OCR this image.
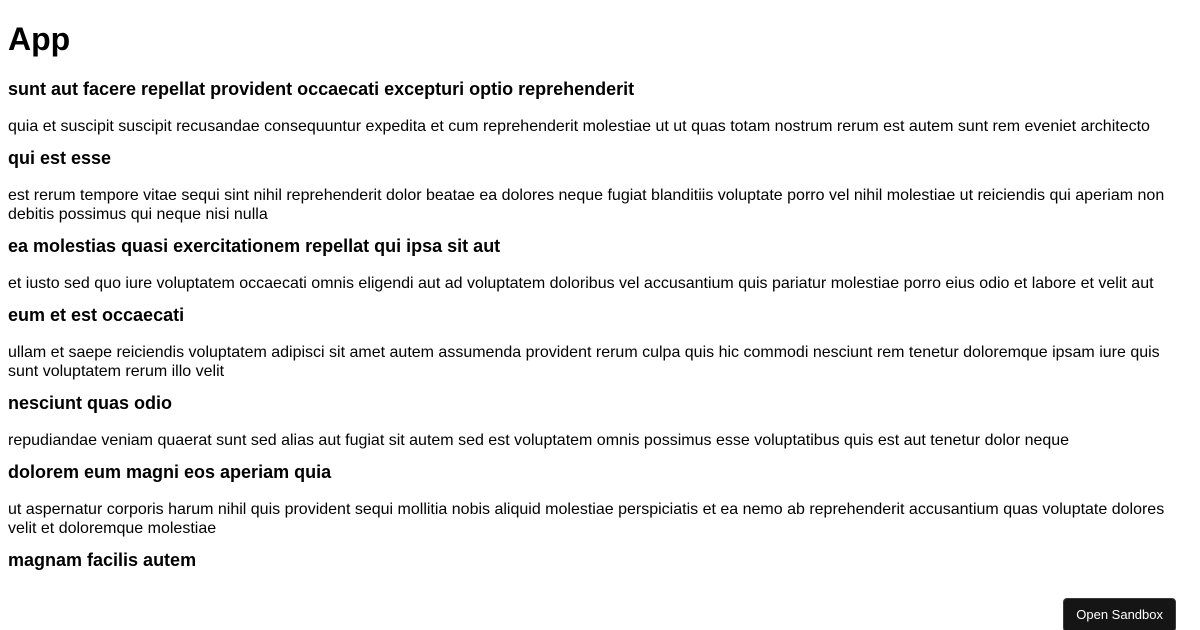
App
sunt aut facere repellat provident occaecati excepturi optio reprehenderit

quia et suscipit suscipit recusandae consequuntur expedita et cum reprehenderit molestiae ut ut quas totam nostrum rerum est autem sunt rem eveniet architecto

qui est esse

est rerum tempore vitae sequi sint nihil reprehenderit dolor beatae ea dolores neque fugiat blanditiis voluptate porro vel nihil molestiae ut reiciendis qui aperiam non debitis possimus qui neque nisi nulla

ea molestias quasi exercitationem repellat qui ipsa sit aut

et iusto sed quo iure voluptatem occaecati omnis eligendi aut ad voluptatem doloribus vel accusantium quis pariatur molestiae porro eius odio et labore et velit aut

eum et est occaecati

ullam et saepe reiciendis voluptatem adipisci sit amet autem assumenda provident rerum culpa quis hic commodi nesciunt rem tenetur doloremque ipsam iure quis sunt voluptatem rerum illo velit

nesciunt quas odio

repudiandae veniam quaerat sunt sed alias aut fugiat sit autem sed est voluptatem omnis possimus esse voluptatibus quis est aut tenetur dolor neque

dolorem eum magni eos aperiam quia

ut aspernatur corporis harum nihil quis provident sequi mollitia nobis aliquid molestiae perspiciatis et ea nemo ab reprehenderit accusantium quas voluptate dolores velit et doloremque molestiae

magnam facilis autem
Open Sandbox
